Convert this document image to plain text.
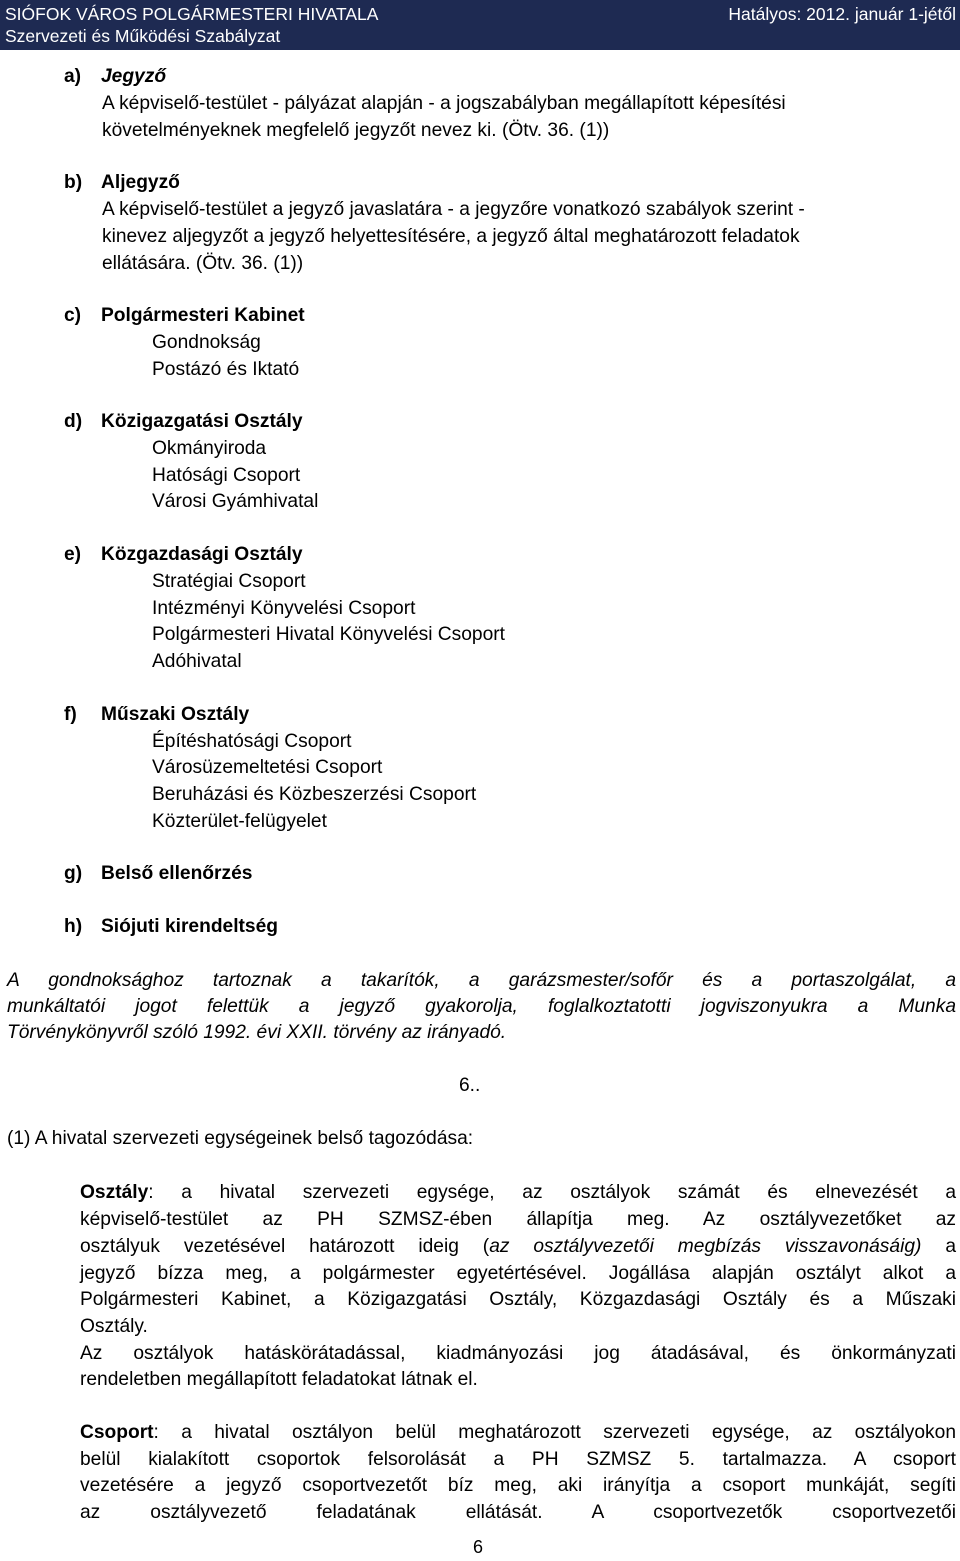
SIÓFOK VÁROS POLGÁRMESTERI HIVATALA	Hatályos: 2012. január 1-jétől
Szervezeti és Működési Szabályzat
a) Jegyző
A képviselő-testület - pályázat alapján - a jogszabályban megállapított képesítési
követelményeknek megfelelő jegyzőt nevez ki. (Ötv. 36. (1))
b) Aljegyző
A képviselő-testület a jegyző javaslatára - a jegyzőre vonatkozó szabályok szerint -
kinevez aljegyzőt a jegyző helyettesítésére, a jegyző által meghatározott feladatok
ellátására. (Ötv. 36. (1))
c) Polgármesteri Kabinet
Gondnokság
Postázó és Iktató
d) Közigazgatási Osztály
Okmányiroda
Hatósági Csoport
Városi Gyámhivatal
e) Közgazdasági Osztály
Stratégiai Csoport
Intézményi Könyvelési Csoport
Polgármesteri Hivatal Könyvelési Csoport
Adóhivatal
f) Műszaki Osztály
Építéshatósági Csoport
Városüzemeltetési Csoport
Beruházási és Közbeszerzési Csoport
Közterület-felügyelet
g) Belső ellenőrzés
h) Siójuti kirendeltség
A gondnoksághoz tartoznak a takarítók, a garázsmester/sofőr és a portaszolgálat, a
munkáltatói jogot felettük a jegyző gyakorolja, foglalkoztatotti jogviszonyukra a Munka
Törvénykönyvről szóló 1992. évi XXII. törvény az irányadó.
6..
(1) A hivatal szervezeti egységeinek belső tagozódása:
Osztály: a hivatal szervezeti egysége, az osztályok számát és elnevezését a
képviselő-testület az PH SZMSZ-ében állapítja meg. Az osztályvezetőket az
osztályuk vezetésével határozott ideig (az osztályvezetői megbízás visszavonásáig) a
jegyző bízza meg, a polgármester egyetértésével. Jogállása alapján osztályt alkot a
Polgármesteri Kabinet, a Közigazgatási Osztály, Közgazdasági Osztály és a Műszaki
Osztály.
Az osztályok hatáskörátadással, kiadmányozási jog átadásával, és önkormányzati
rendeletben megállapított feladatokat látnak el.
Csoport: a hivatal osztályon belül meghatározott szervezeti egysége, az osztályokon
belül kialakított csoportok felsorolását a PH SZMSZ 5. tartalmazza. A csoport
vezetésére a jegyző csoportvezetőt bíz meg, aki irányítja a csoport munkáját, segíti
az osztályvezető feladatának ellátását. A csoportvezetők csoportvezetői
6
